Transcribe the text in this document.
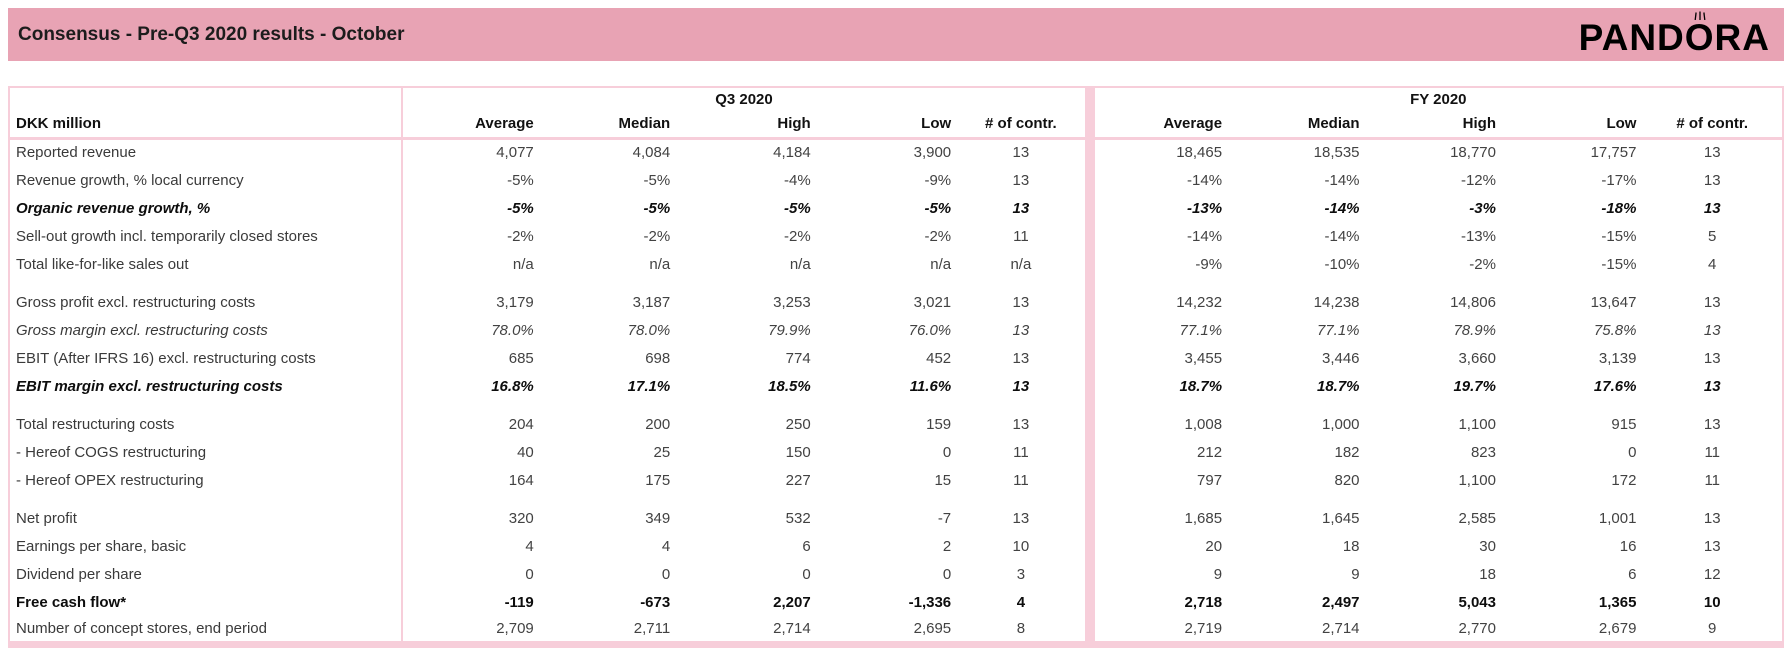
Consensus - Pre-Q3 2020 results - October	PAND O RA
	Q3 2020						FY 2020				
DKK million	Average	Median	High	Low	# of contr.		Average	Median	High	Low	# of contr.
Reported revenue	4,077	4,084	4,184	3,900	13		18,465	18,535	18,770	17,757	13
Revenue growth, % local currency	-5%	-5%	-4%	-9%	13		-14%	-14%	-12%	-17%	13
Organic revenue growth, %	-5%	-5%	-5%	-5%	13		-13%	-14%	-3%	-18%	13
Sell-out growth incl. temporarily closed stores	-2%	-2%	-2%	-2%	11		-14%	-14%	-13%	-15%	5
Total like-for-like sales out	n/a	n/a	n/a	n/a	n/a		-9%	-10%	-2%	-15%	4

Gross profit excl. restructuring costs	3,179	3,187	3,253	3,021	13		14,232	14,238	14,806	13,647	13
Gross margin excl. restructuring costs	78.0%	78.0%	79.9%	76.0%	13		77.1%	77.1%	78.9%	75.8%	13
EBIT (After IFRS 16) excl. restructuring costs	685	698	774	452	13		3,455	3,446	3,660	3,139	13
EBIT margin excl. restructuring costs	16.8%	17.1%	18.5%	11.6%	13		18.7%	18.7%	19.7%	17.6%	13

Total restructuring costs	204	200	250	159	13		1,008	1,000	1,100	915	13
- Hereof COGS restructuring	40	25	150	0	11		212	182	823	0	11
- Hereof OPEX restructuring	164	175	227	15	11		797	820	1,100	172	11

Net profit	320	349	532	-7	13		1,685	1,645	2,585	1,001	13
Earnings per share, basic	4	4	6	2	10		20	18	30	16	13
Dividend per share	0	0	0	0	3		9	9	18	6	12
Free cash flow*	-119	-673	2,207	-1,336	4		2,718	2,497	5,043	1,365	10
Number of concept stores, end period	2,709	2,711	2,714	2,695	8		2,719	2,714	2,770	2,679	9
